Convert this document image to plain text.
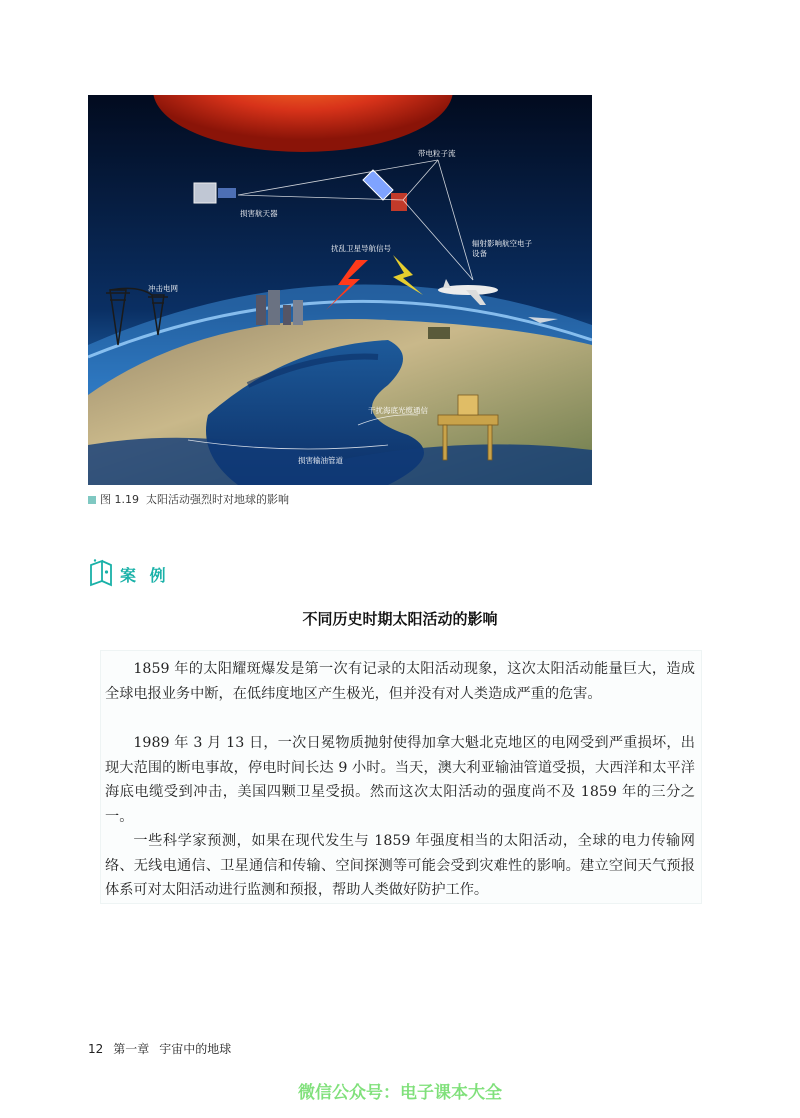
带电粒子流
损害航天器
扰乱卫星导航信号
辐射影响航空电子设备
冲击电网
干扰海底光缆通信
损害输油管道
图 1.19 太阳活动强烈时对地球的影响
案 例
不同历史时期太阳活动的影响
1859 年的太阳耀斑爆发是第一次有记录的太阳活动现象，这次太阳活动能量巨大，造成全球电报业务中断，在低纬度地区产生极光，但并没有对人类造成严重的危害。
1989 年 3 月 13 日，一次日冕物质抛射使得加拿大魁北克地区的电网受到严重损坏，出现大范围的断电事故，停电时间长达 9 小时。当天，澳大利亚输油管道受损，大西洋和太平洋海底电缆受到冲击，美国四颗卫星受损。然而这次太阳活动的强度尚不及 1859 年的三分之一。
一些科学家预测，如果在现代发生与 1859 年强度相当的太阳活动，全球的电力传输网络、无线电通信、卫星通信和传输、空间探测等可能会受到灾难性的影响。建立空间天气预报体系可对太阳活动进行监测和预报，帮助人类做好防护工作。
12 第一章 宇宙中的地球
微信公众号：电子课本大全
